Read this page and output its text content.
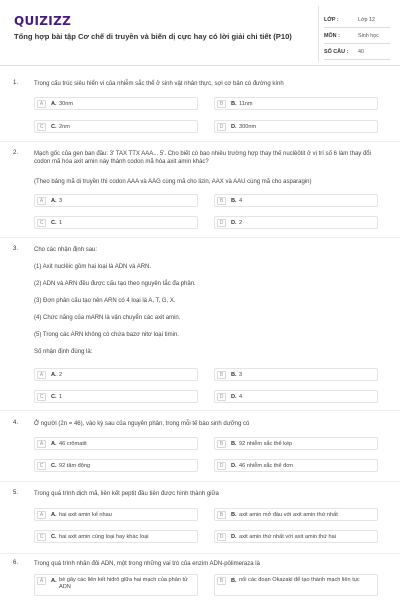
QUIZIZZ
Tổng hợp bài tập Cơ chế di truyền và biến dị cực hay có lời giải chi tiết (P10)
LỚP :	Lớp 12
MÔN :	Sinh học
SỐ CÂU :	40
1.	Trong cấu trúc siêu hiển vi của nhiễm sắc thể ở sinh vật nhân thực, sợi cơ bản có đường kính
A	A. 30nm	B	B. 11nm
C	C. 2nm	D	D. 300nm
2.	Mạch gốc của gen ban đầu: 3' TAX TTX AAA... 5'. Cho biết có bao nhiêu trường hợp thay thế nuclêôtit ở vị trí số 6 làm thay đổi codon mã hóa axit amin này thành codon mã hóa axit amin khác?
(Theo bảng mã di truyền thì codon AAA và AAG cùng mã cho lizin, AAX và AAU cùng mã cho asparagin)
A	A. 3	B	B. 4
C	C. 1	D	D. 2
3.	Cho các nhận định sau:
(1) Axit nuclêic gồm hai loại là ADN và ARN.
(2) ADN và ARN đều được cấu tạo theo nguyên tắc đa phân.
(3) Đơn phân cấu tạo nên ARN có 4 loại là A, T, G, X.
(4) Chức năng của mARN là vận chuyển các axit amin.
(5) Trong các ARN không có chứa bazơ nitơ loại timin.
Số nhận định đúng là:
A	A. 2	B	B. 3
C	C. 1	D	D. 4
4.	Ở người (2n = 46), vào kỳ sau của nguyên phân, trong mỗi tế bào sinh dưỡng có
A	A. 46 crômatit	B	B. 92 nhiễm sắc thể kép
C	C. 92 tâm động	D	D. 46 nhiễm sắc thể đơn
5.	Trong quá trình dịch mã, liên kết peptit đầu tiên được hình thành giữa
A	A. hai axit amin kế nhau	B	B. axit amin mở đầu với axit amin thứ nhất
C	C. hai axit amin cùng loại hay khác loại	D	D. axit amin thứ nhất với axit amin thứ hai
6.	Trong quá trình nhân đôi ADN, một trong những vai trò của enzim ADN-pôlimeraza là
A	A. bẻ gãy các liên kết hiđrô giữa hai mạch của phân tử ADN
B	B. nối các đoạn Okazaki để tạo thành mạch liên tục
